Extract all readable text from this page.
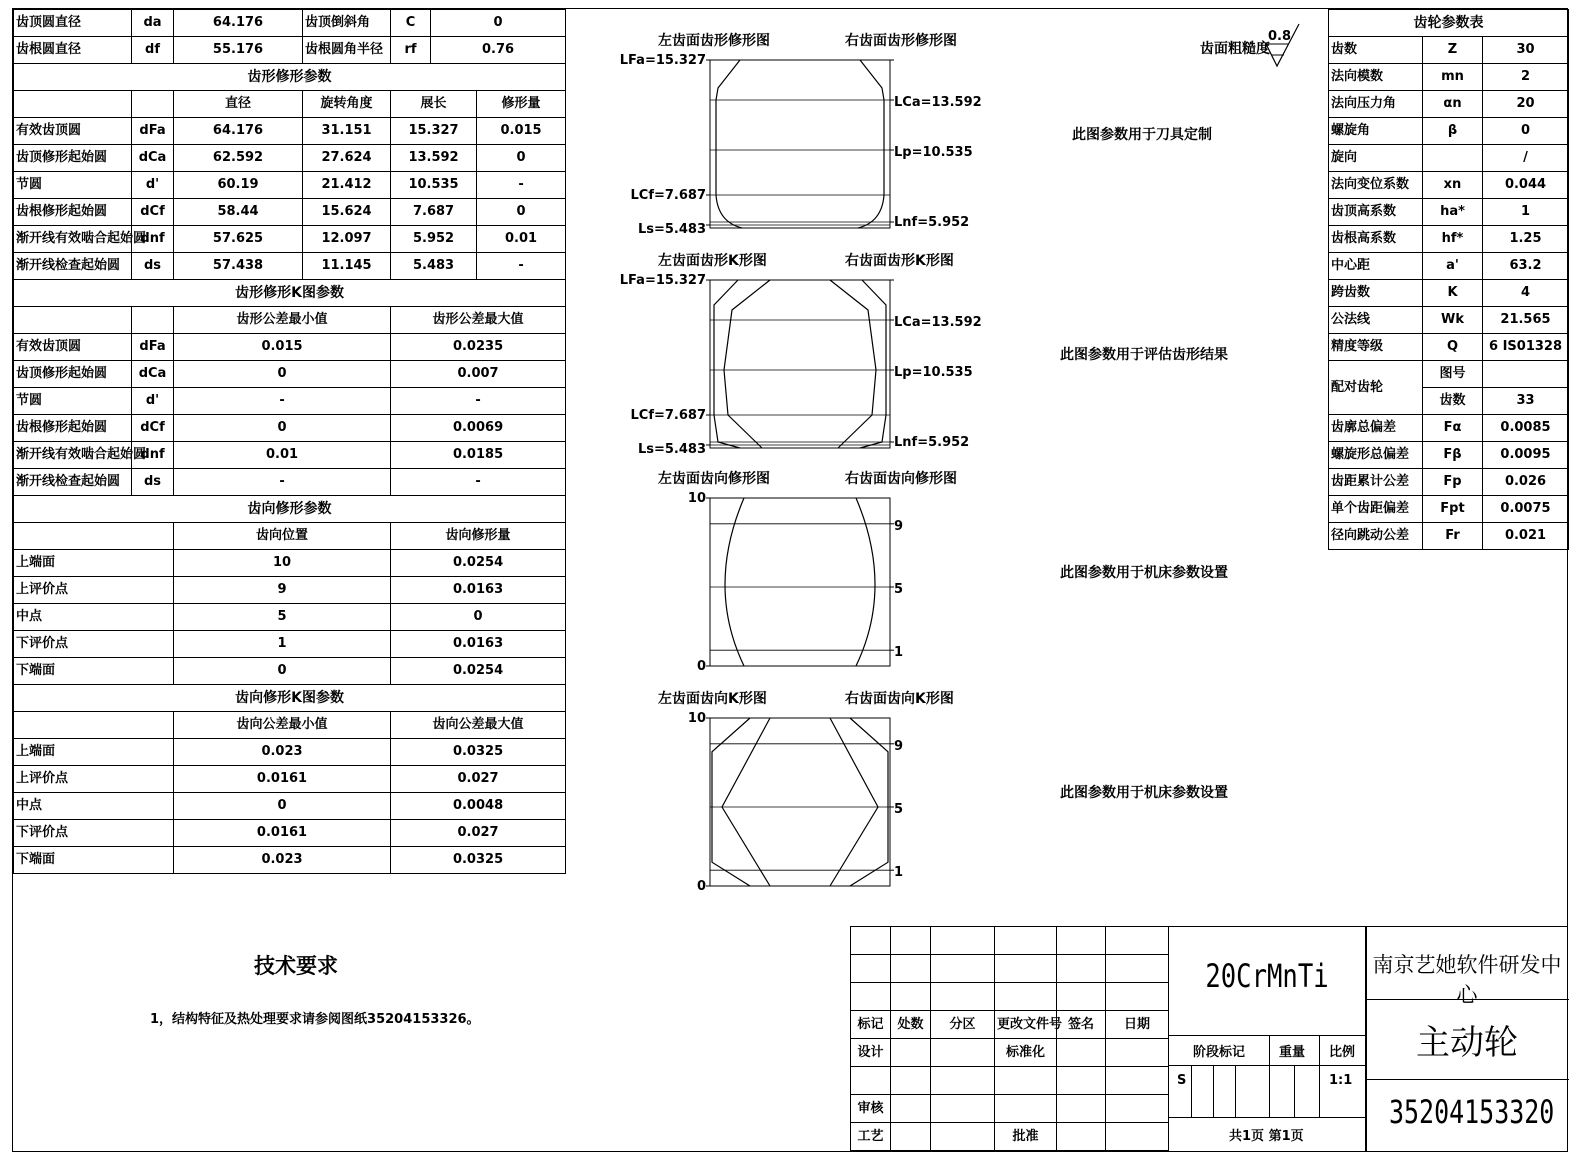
齿顶圆直径	da	64.176	齿顶倒斜角	C	0	
齿根圆直径	df	55.176	齿根圆角半径	rf	0.76	
齿形修形参数						
		直径	旋转角度	展长		修形量
有效齿顶圆	dFa	64.176	31.151	15.327		0.015
齿顶修形起始圆	dCa	62.592	27.624	13.592		0
节圆	d'	60.19	21.412	10.535		-
齿根修形起始圆	dCf	58.44	15.624	7.687		0
渐开线有效啮合起始圆	dnf	57.625	12.097	5.952		0.01
渐开线检查起始圆	ds	57.438	11.145	5.483		-
齿形修形K图参数						
		齿形公差最小值		齿形公差最大值		
有效齿顶圆	dFa	0.015		0.0235		
齿顶修形起始圆	dCa	0		0.007		
节圆	d'	-		-		
齿根修形起始圆	dCf	0		0.0069		
渐开线有效啮合起始圆	dnf	0.01		0.0185		
渐开线检查起始圆	ds	-		-		
齿向修形参数						
		齿向位置		齿向修形量		
上端面		10		0.0254		
上评价点		9		0.0163		
中点		5		0		
下评价点		1		0.0163		
下端面		0		0.0254		
齿向修形K图参数						
		齿向公差最小值		齿向公差最大值		
上端面		0.023		0.0325		
上评价点		0.0161		0.027		
中点		0		0.0048		
下评价点		0.0161		0.027		
下端面		0.023		0.0325		
齿轮参数表		
齿数	Z	30
法向模数	mn	2
法向压力角	αn	20
螺旋角	β	0
旋向		/
法向变位系数	xn	0.044
齿顶高系数	ha*	1
齿根高系数	hf*	1.25
中心距	a'	63.2
跨齿数	K	4
公法线	Wk	21.565
精度等级	Q	6 IS01328
配对齿轮	图号	
	齿数	33
齿廓总偏差	Fα	0.0085
螺旋形总偏差	Fβ	0.0095
齿距累计公差	Fp	0.026
单个齿距偏差	Fpt	0.0075
径向跳动公差	Fr	0.021
齿面粗糙度
0.8
左齿面齿形修形图	右齿面齿形修形图
此图参数用于刀具定制
LFa=15.327
LCf=7.687
Ls=5.483
LCa=13.592
Lp=10.535
Lnf=5.952
左齿面齿形K形图	右齿面齿形K形图
此图参数用于评估齿形结果
LFa=15.327
LCf=7.687
Ls=5.483
LCa=13.592
Lp=10.535
Lnf=5.952
左齿面齿向修形图	右齿面齿向修形图
此图参数用于机床参数设置
10
0
9
5
1
左齿面齿向K形图	右齿面齿向K形图
此图参数用于机床参数设置
10
0
9
5
1
技术要求
1，结构特征及热处理要求请参阅图纸35204153326。

						标记	处数	分区	更改文件号	签名	日期
设计			标准化		

审核					
工艺			批准		
20CrMnTi
阶段标记	重量 比例
S	1:1
共1页 第1页
南京艺她软件研发中心
主动轮
35204153320
